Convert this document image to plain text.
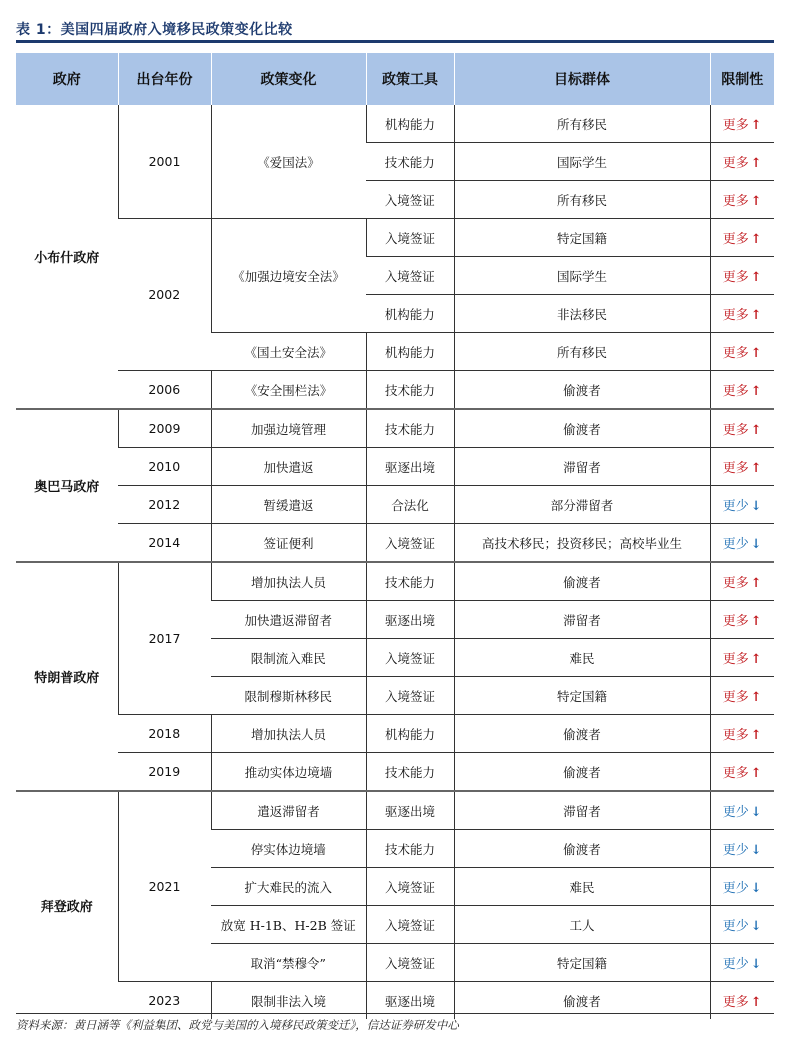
表 1：美国四届政府入境移民政策变化比较
政府	出台年份	政策变化	政策工具	目标群体	限制性
小布什政府	2001	《爱国法》	机构能力	所有移民	更多 ↑
			技术能力	国际学生	更多 ↑
			入境签证	所有移民	更多 ↑
	2002	《加强边境安全法》	入境签证	特定国籍	更多 ↑
			入境签证	国际学生	更多 ↑
			机构能力	非法移民	更多 ↑
		《国土安全法》	机构能力	所有移民	更多 ↑
	2006	《安全围栏法》	技术能力	偷渡者	更多 ↑
奥巴马政府	2009	加强边境管理	技术能力	偷渡者	更多 ↑
	2010	加快遣返	驱逐出境	滞留者	更多 ↑
	2012	暂缓遣返	合法化	部分滞留者	更少 ↓
	2014	签证便利	入境签证	高技术移民；投资移民；高校毕业生	更少 ↓
特朗普政府	2017	增加执法人员	技术能力	偷渡者	更多 ↑
		加快遣返滞留者	驱逐出境	滞留者	更多 ↑
		限制流入难民	入境签证	难民	更多 ↑
		限制穆斯林移民	入境签证	特定国籍	更多 ↑
	2018	增加执法人员	机构能力	偷渡者	更多 ↑
	2019	推动实体边境墙	技术能力	偷渡者	更多 ↑
拜登政府	2021	遣返滞留者	驱逐出境	滞留者	更少 ↓
		停实体边境墙	技术能力	偷渡者	更少 ↓
		扩大难民的流入	入境签证	难民	更少 ↓
		放宽 H-1B、H-2B 签证	入境签证	工人	更少 ↓
		取消“禁穆令”	入境签证	特定国籍	更少 ↓
	2023	限制非法入境	驱逐出境	偷渡者	更多 ↑
资料来源：黄日涵等《利益集团、政党与美国的入境移民政策变迁》，信达证券研发中心
